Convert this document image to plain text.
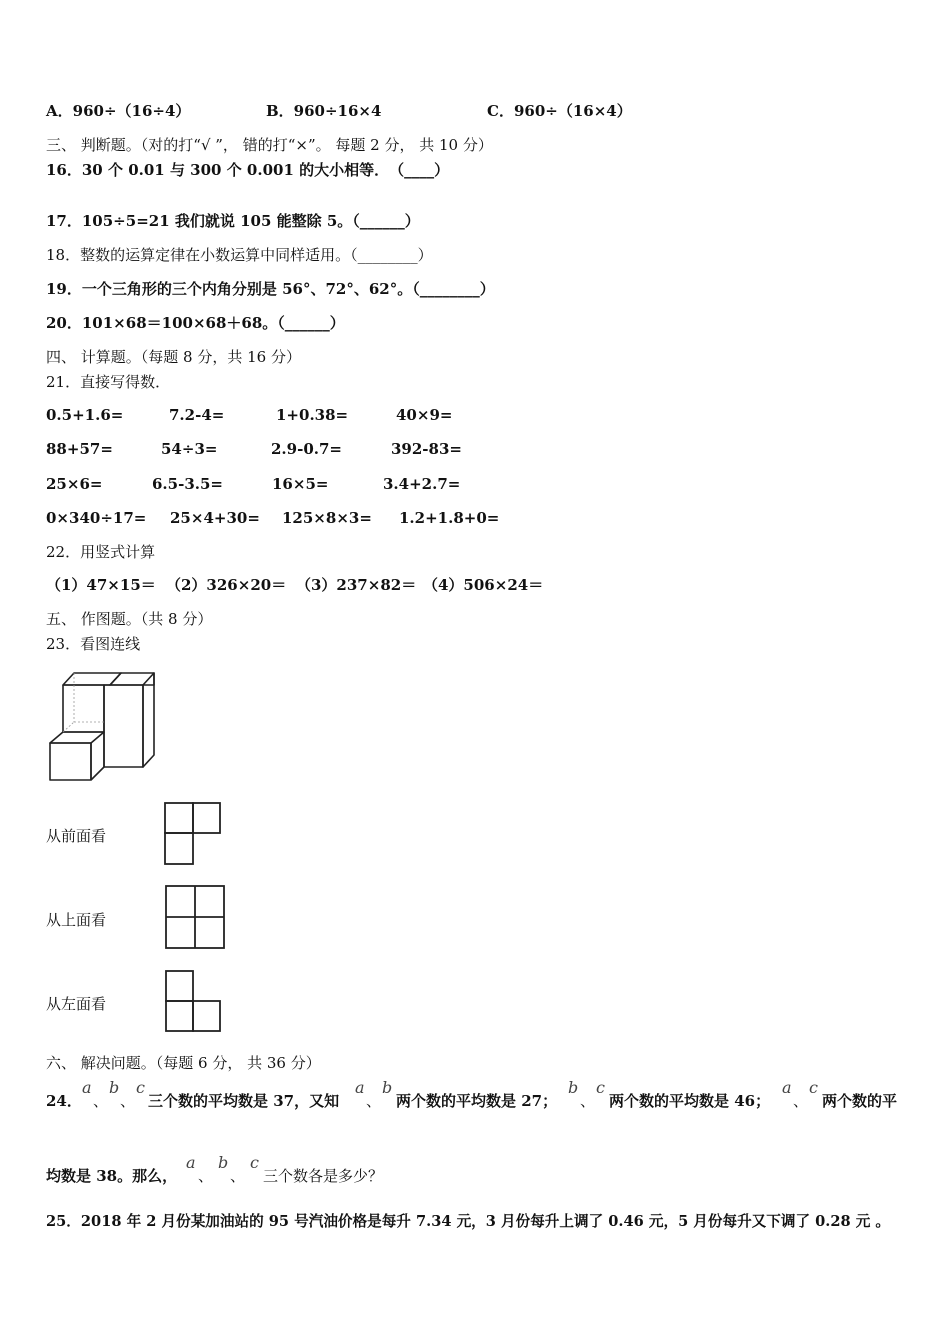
A．960÷（16÷4）	B．960÷16×4	C．960÷（16×4）
三、 判断题。（对的打“√ ”， 错的打“×”。 每题 2 分， 共 10 分）
16．30 个 0.01 与 300 个 0.001 的大小相等．　（____）
17．105÷5=21 我们就说 105 能整除 5。（______）
18．整数的运算定律在小数运算中同样适用。（________）
19．一个三角形的三个内角分别是 56°、72°、62°。（________）
20．101×68＝100×68＋68。（______）
四、 计算题。（每题 8 分，共 16 分）
21．直接写得数．
0.5+1.6=	7.2-4=	1+0.38=	40×9=
88+57=	54÷3=	2.9-0.7=	392-83=
25×6=	6.5-3.5=	16×5=	3.4+2.7=
0×340÷17= 25×4+30= 125×8×3= 1.2+1.8+0=
22．用竖式计算
（1）47×15＝ （2）326×20＝ （3）237×82＝ （4）506×24＝
五、 作图题。（共 8 分）
23．看图连线
从前面看
从上面看
从左面看
六、 解决问题。（每题 6 分， 共 36 分）
24．
a
、
b
、
c
三个数的平均数是 37，又知
a
、
b
两个数的平均数是 27；
b
、
c
两个数的平均数是 46；
a
、
c
两个数的平
均数是 38。那么，
a
、
b
、
c
三个数各是多少？
25．2018 年 2 月份某加油站的 95 号汽油价格是每升 7.34 元，3 月份每升上调了 0.46 元，5 月份每升又下调了 0.28 元 。
